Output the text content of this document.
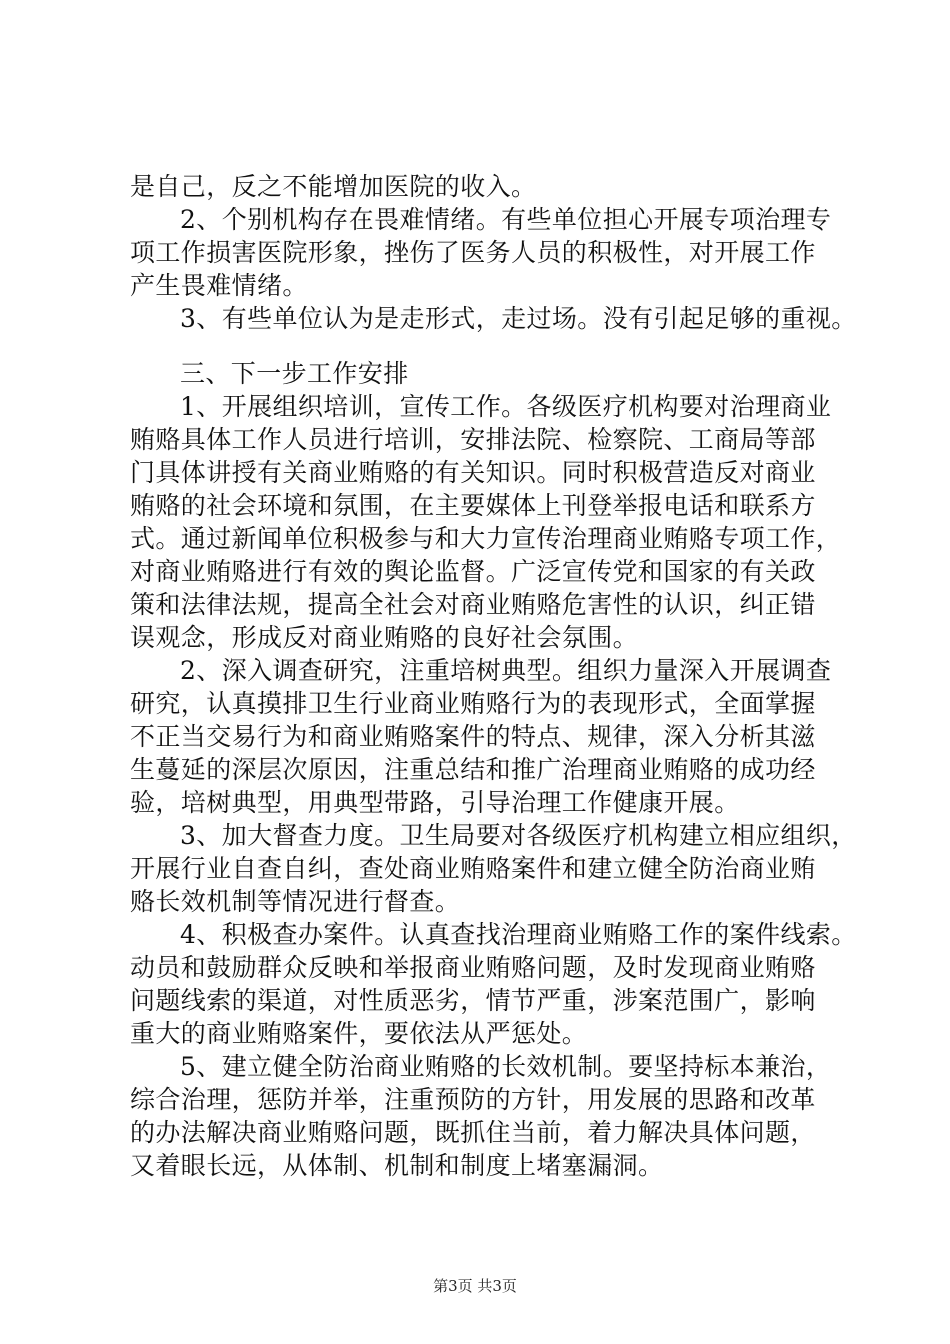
是自己，反之不能增加医院的收入。
2、个别机构存在畏难情绪。有些单位担心开展专项治理专
项工作损害医院形象，挫伤了医务人员的积极性，对开展工作
产生畏难情绪。
3、有些单位认为是走形式，走过场。没有引起足够的重视。
三、下一步工作安排
1、开展组织培训，宣传工作。各级医疗机构要对治理商业
贿赂具体工作人员进行培训，安排法院、检察院、工商局等部
门具体讲授有关商业贿赂的有关知识。同时积极营造反对商业
贿赂的社会环境和氛围，在主要媒体上刊登举报电话和联系方
式。通过新闻单位积极参与和大力宣传治理商业贿赂专项工作，
对商业贿赂进行有效的舆论监督。广泛宣传党和国家的有关政
策和法律法规，提高全社会对商业贿赂危害性的认识，纠正错
误观念，形成反对商业贿赂的良好社会氛围。
2、深入调查研究，注重培树典型。组织力量深入开展调查
研究，认真摸排卫生行业商业贿赂行为的表现形式，全面掌握
不正当交易行为和商业贿赂案件的特点、规律，深入分析其滋
生蔓延的深层次原因，注重总结和推广治理商业贿赂的成功经
验，培树典型，用典型带路，引导治理工作健康开展。
3、加大督查力度。卫生局要对各级医疗机构建立相应组织，
开展行业自查自纠，查处商业贿赂案件和建立健全防治商业贿
赂长效机制等情况进行督查。
4、积极查办案件。认真查找治理商业贿赂工作的案件线索。
动员和鼓励群众反映和举报商业贿赂问题，及时发现商业贿赂
问题线索的渠道，对性质恶劣，情节严重，涉案范围广，影响
重大的商业贿赂案件，要依法从严惩处。
5、建立健全防治商业贿赂的长效机制。要坚持标本兼治，
综合治理，惩防并举，注重预防的方针，用发展的思路和改革
的办法解决商业贿赂问题，既抓住当前，着力解决具体问题，
又着眼长远，从体制、机制和制度上堵塞漏洞。
第3页 共3页
